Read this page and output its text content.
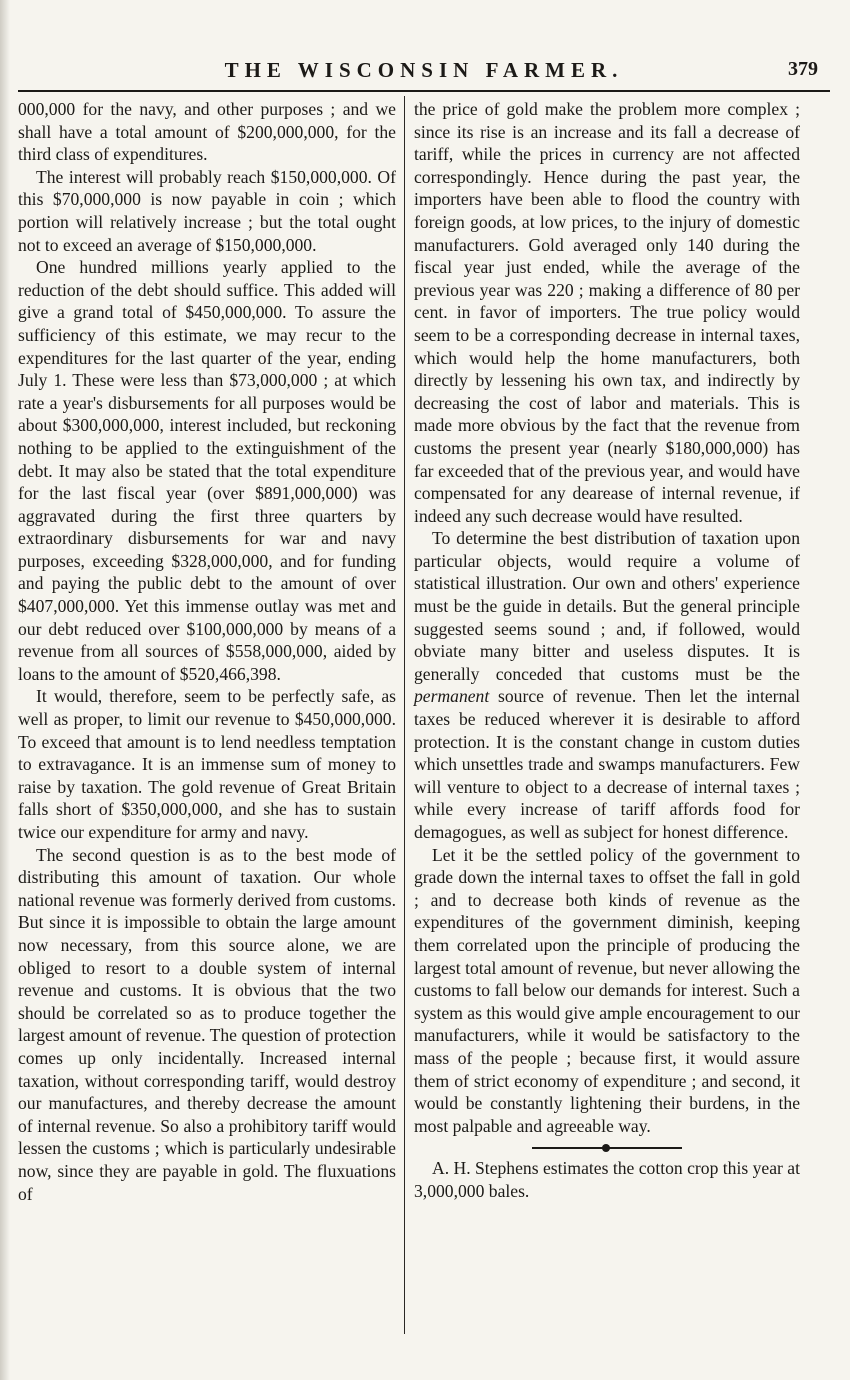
THE WISCONSIN FARMER.	379

000,000 for the navy, and other purposes ; and we shall have a total amount of $200,000,000, for the third class of expenditures.

The interest will probably reach $150,000,000. Of this $70,000,000 is now payable in coin ; which portion will relatively increase ; but the total ought not to exceed an average of $150,000,000.

One hundred millions yearly applied to the reduction of the debt should suffice. This added will give a grand total of $450,000,000. To assure the sufficiency of this estimate, we may recur to the expenditures for the last quarter of the year, ending July 1. These were less than $73,000,000 ; at which rate a year's disbursements for all purposes would be about $300,000,000, interest included, but reckoning nothing to be applied to the extinguishment of the debt. It may also be stated that the total expenditure for the last fiscal year (over $891,000,000) was aggravated during the first three quarters by extraordinary disbursements for war and navy purposes, exceeding $328,000,000, and for funding and paying the public debt to the amount of over $407,000,000. Yet this immense outlay was met and our debt reduced over $100,000,000 by means of a revenue from all sources of $558,000,000, aided by loans to the amount of $520,466,398.

It would, therefore, seem to be perfectly safe, as well as proper, to limit our revenue to $450,000,000. To exceed that amount is to lend needless temptation to extravagance. It is an immense sum of money to raise by taxation. The gold revenue of Great Britain falls short of $350,000,000, and she has to sustain twice our expenditure for army and navy.

The second question is as to the best mode of distributing this amount of taxation. Our whole national revenue was formerly derived from customs. But since it is impossible to obtain the large amount now necessary, from this source alone, we are obliged to resort to a double system of internal revenue and customs. It is obvious that the two should be correlated so as to produce together the largest amount of revenue. The question of protection comes up only incidentally. Increased internal taxation, without corresponding tariff, would destroy our manufactures, and thereby decrease the amount of internal revenue. So also a prohibitory tariff would lessen the customs ; which is particularly undesirable now, since they are payable in gold. The fluxuations of

the price of gold make the problem more complex ; since its rise is an increase and its fall a decrease of tariff, while the prices in currency are not affected correspondingly. Hence during the past year, the importers have been able to flood the country with foreign goods, at low prices, to the injury of domestic manufacturers. Gold averaged only 140 during the fiscal year just ended, while the average of the previous year was 220 ; making a difference of 80 per cent. in favor of importers. The true policy would seem to be a corresponding decrease in internal taxes, which would help the home manufacturers, both directly by lessening his own tax, and indirectly by decreasing the cost of labor and materials. This is made more obvious by the fact that the revenue from customs the present year (nearly $180,000,000) has far exceeded that of the previous year, and would have compensated for any dearease of internal revenue, if indeed any such decrease would have resulted.

To determine the best distribution of taxation upon particular objects, would require a volume of statistical illustration. Our own and others' experience must be the guide in details. But the general principle suggested seems sound ; and, if followed, would obviate many bitter and useless disputes. It is generally conceded that customs must be the permanent source of revenue. Then let the internal taxes be reduced wherever it is desirable to afford protection. It is the constant change in custom duties which unsettles trade and swamps manufacturers. Few will venture to object to a decrease of internal taxes ; while every increase of tariff affords food for demagogues, as well as subject for honest difference.

Let it be the settled policy of the government to grade down the internal taxes to offset the fall in gold ; and to decrease both kinds of revenue as the expenditures of the government diminish, keeping them correlated upon the principle of producing the largest total amount of revenue, but never allowing the customs to fall below our demands for interest. Such a system as this would give ample encouragement to our manufacturers, while it would be satisfactory to the mass of the people ; because first, it would assure them of strict economy of expenditure ; and second, it would be constantly lightening their burdens, in the most palpable and agreeable way.

A. H. Stephens estimates the cotton crop this year at 3,000,000 bales.
